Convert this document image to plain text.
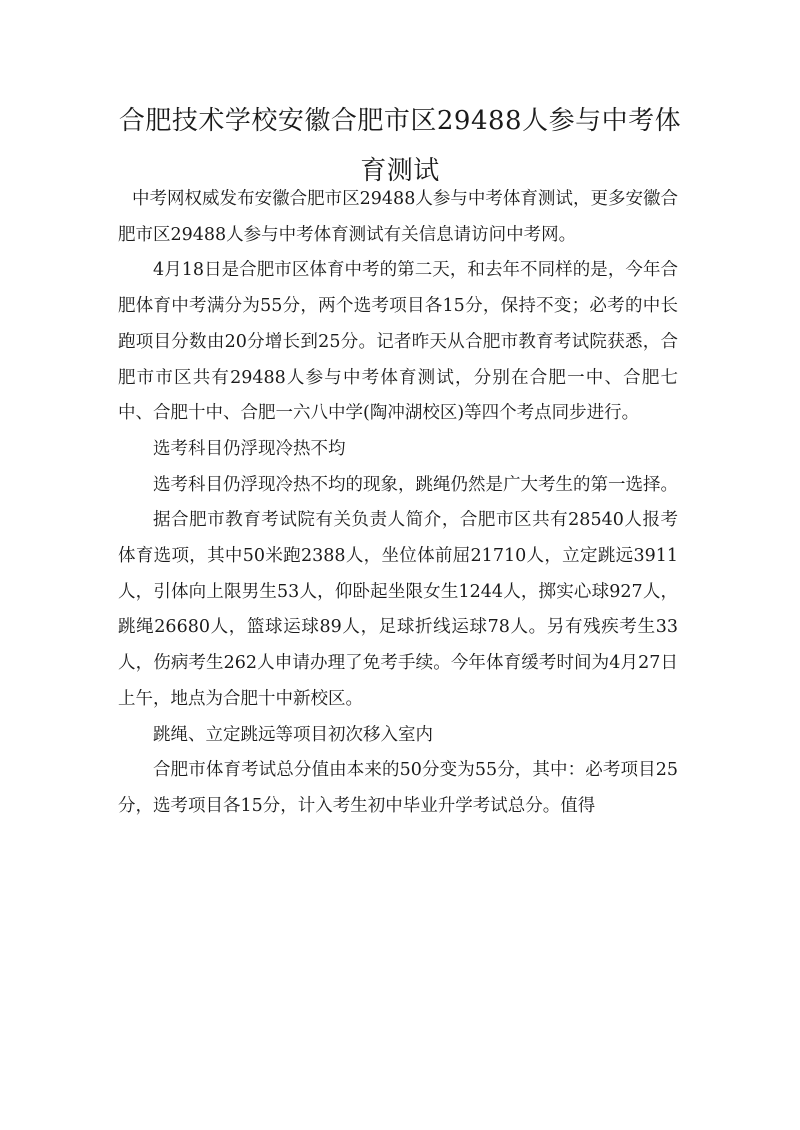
合肥技术学校安徽合肥市区29488人参与中考体育测试

中考网权威发布安徽合肥市区29488人参与中考体育测试，更多安徽合肥市区29488人参与中考体育测试有关信息请访问中考网。

4月18日是合肥市区体育中考的第二天，和去年不同样的是，今年合肥体育中考满分为55分，两个选考项目各15分，保持不变；必考的中长跑项目分数由20分增长到25分。记者昨天从合肥市教育考试院获悉，合肥市市区共有29488人参与中考体育测试，分别在合肥一中、合肥七中、合肥十中、合肥一六八中学(陶冲湖校区)等四个考点同步进行。

选考科目仍浮现冷热不均

选考科目仍浮现冷热不均的现象，跳绳仍然是广大考生的第一选择。

据合肥市教育考试院有关负责人简介，合肥市区共有28540人报考体育选项，其中50米跑2388人，坐位体前屈21710人，立定跳远3911人，引体向上限男生53人，仰卧起坐限女生1244人，掷实心球927人，跳绳26680人，篮球运球89人，足球折线运球78人。另有残疾考生33人，伤病考生262人申请办理了免考手续。今年体育缓考时间为4月27日上午，地点为合肥十中新校区。

跳绳、立定跳远等项目初次移入室内

合肥市体育考试总分值由本来的50分变为55分，其中：必考项目25分，选考项目各15分，计入考生初中毕业升学考试总分。值得
